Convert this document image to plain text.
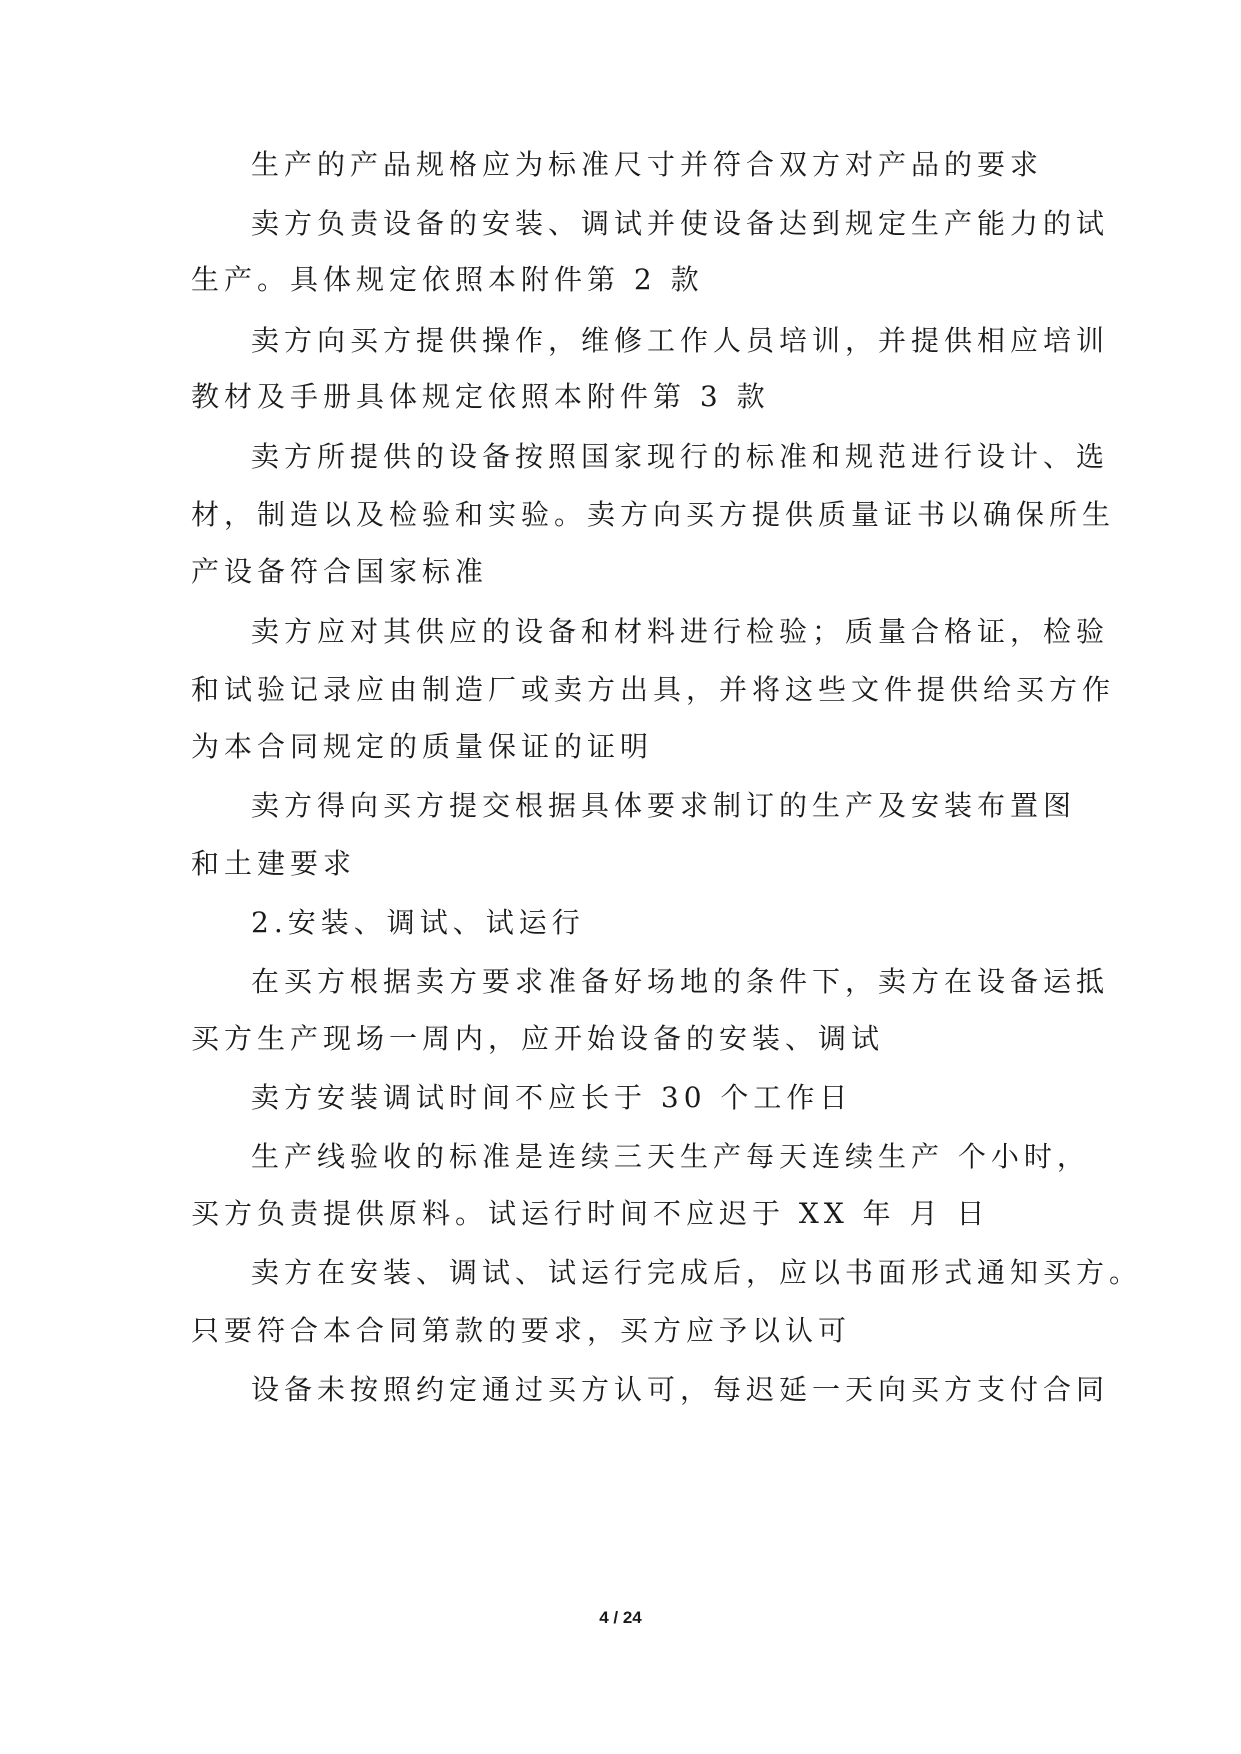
生产的产品规格应为标准尺寸并符合双方对产品的要求
卖方负责设备的安装、调试并使设备达到规定生产能力的试
生产。具体规定依照本附件第 2 款
卖方向买方提供操作，维修工作人员培训，并提供相应培训
教材及手册具体规定依照本附件第 3 款
卖方所提供的设备按照国家现行的标准和规范进行设计、选
材，制造以及检验和实验。卖方向买方提供质量证书以确保所生
产设备符合国家标准
卖方应对其供应的设备和材料进行检验；质量合格证，检验
和试验记录应由制造厂或卖方出具，并将这些文件提供给买方作
为本合同规定的质量保证的证明
卖方得向买方提交根据具体要求制订的生产及安装布置图
和土建要求
2.安装、调试、试运行
在买方根据卖方要求准备好场地的条件下，卖方在设备运抵
买方生产现场一周内，应开始设备的安装、调试
卖方安装调试时间不应长于 30 个工作日
生产线验收的标准是连续三天生产每天连续生产 个小时，
买方负责提供原料。试运行时间不应迟于 XX 年 月 日
卖方在安装、调试、试运行完成后，应以书面形式通知买方。
只要符合本合同第款的要求，买方应予以认可
设备未按照约定通过买方认可，每迟延一天向买方支付合同
4 / 24
